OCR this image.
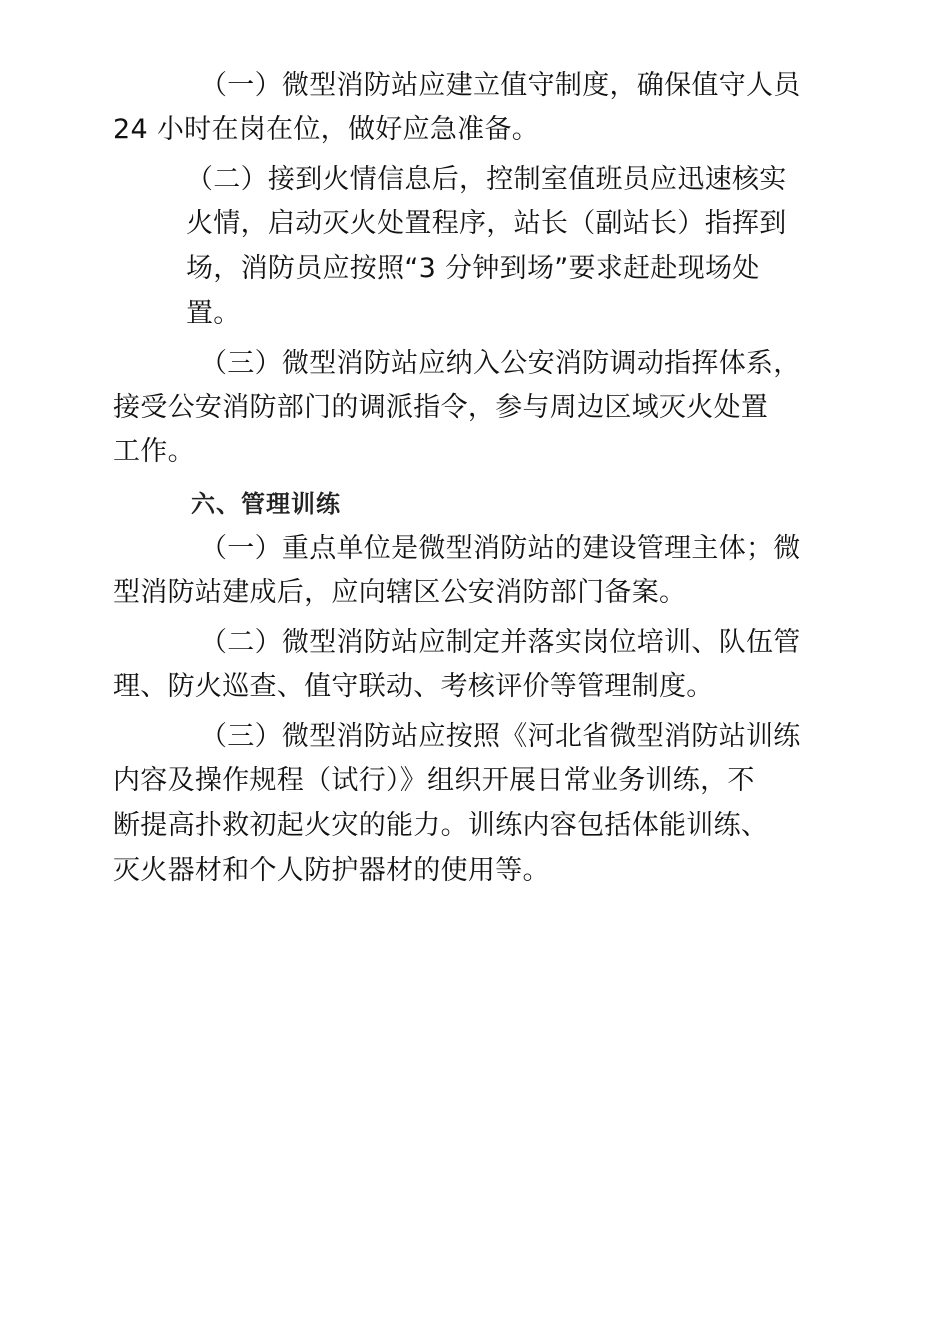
（一）微型消防站应建立值守制度，确保值守人员

24 小时在岗在位，做好应急准备。

（二）接到火情信息后，控制室值班员应迅速核实

火情，启动灭火处置程序，站长（副站长）指挥到

场，消防员应按照“3 分钟到场”要求赶赴现场处

置。

（三）微型消防站应纳入公安消防调动指挥体系，

接受公安消防部门的调派指令，参与周边区域灭火处置

工作。

六、管理训练

（一）重点单位是微型消防站的建设管理主体；微

型消防站建成后，应向辖区公安消防部门备案。

（二）微型消防站应制定并落实岗位培训、队伍管

理、防火巡查、值守联动、考核评价等管理制度。

（三）微型消防站应按照《河北省微型消防站训练

内容及操作规程（试行）》组织开展日常业务训练，不

断提高扑救初起火灾的能力。训练内容包括体能训练、

灭火器材和个人防护器材的使用等。
